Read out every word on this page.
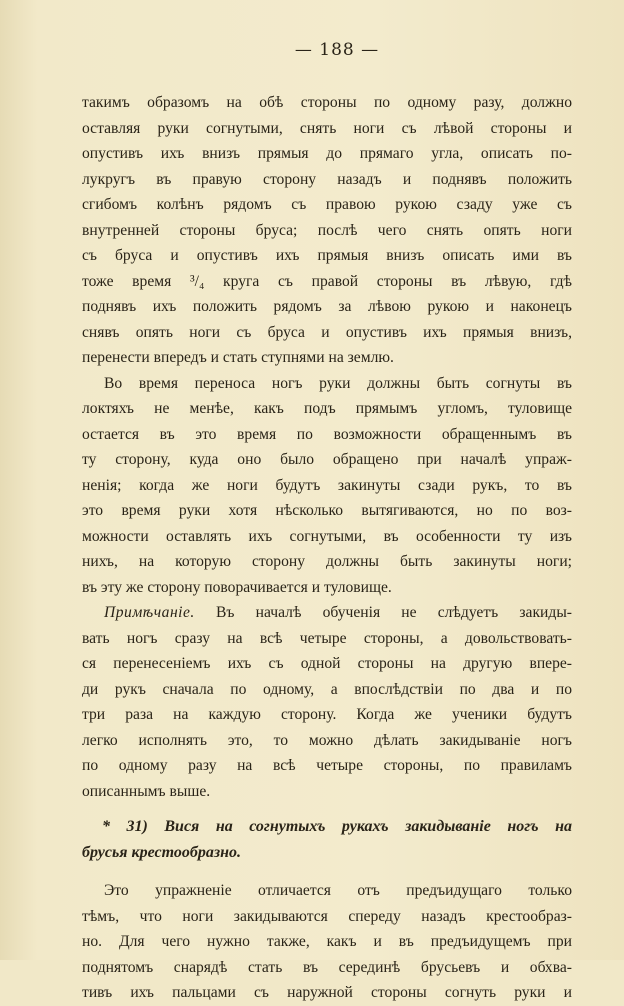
— 188 —
такимъ образомъ на обѣ стороны по одному разу, должно
оставляя руки согнутыми, снять ноги съ лѣвой стороны и
опустивъ ихъ внизъ прямыя до прямаго угла, описать по-
лукругъ въ правую сторону назадъ и поднявъ положить
сгибомъ колѣнъ рядомъ съ правою рукою сзаду уже съ
внутренней стороны бруса; послѣ чего снять опять ноги
съ бруса и опустивъ ихъ прямыя внизъ описать ими въ
тоже время ³/₄ круга съ правой стороны въ лѣвую, гдѣ
поднявъ ихъ положить рядомъ за лѣвою рукою и наконецъ
снявъ опять ноги съ бруса и опустивъ ихъ прямыя внизъ,
перенести впередъ и стать ступнями на землю.
Во время переноса ногъ руки должны быть согнуты въ
локтяхъ не менѣе, какъ подъ прямымъ угломъ, туловище
остается въ это время по возможности обращеннымъ въ
ту сторону, куда оно было обращено при началѣ упраж-
ненія; когда же ноги будутъ закинуты сзади рукъ, то въ
это время руки хотя нѣсколько вытягиваются, но по воз-
можности оставлять ихъ согнутыми, въ особенности ту изъ
нихъ, на которую сторону должны быть закинуты ноги;
въ эту же сторону поворачивается и туловище.
Примѣчаніе. Въ началѣ обученія не слѣдуетъ закиды-
вать ногъ сразу на всѣ четыре стороны, а довольствовать-
ся перенесеніемъ ихъ съ одной стороны на другую впере-
ди рукъ сначала по одному, а впослѣдствіи по два и по
три раза на каждую сторону. Когда же ученики будутъ
легко исполнять это, то можно дѣлать закидываніе ногъ
по одному разу на всѣ четыре стороны, по правиламъ
описаннымъ выше.
* 31) Вися на согнутыхъ рукахъ закидываніе ногъ на
брусья крестообразно.
Это упражненіе отличается отъ предъидущаго только
тѣмъ, что ноги закидываются спереду назадъ крестообраз-
но. Для чего нужно также, какъ и въ предъидущемъ при
поднятомъ снарядѣ стать въ серединѣ брусьевъ и обхва-
тивъ ихъ пальцами съ наружной стороны согнуть руки и
